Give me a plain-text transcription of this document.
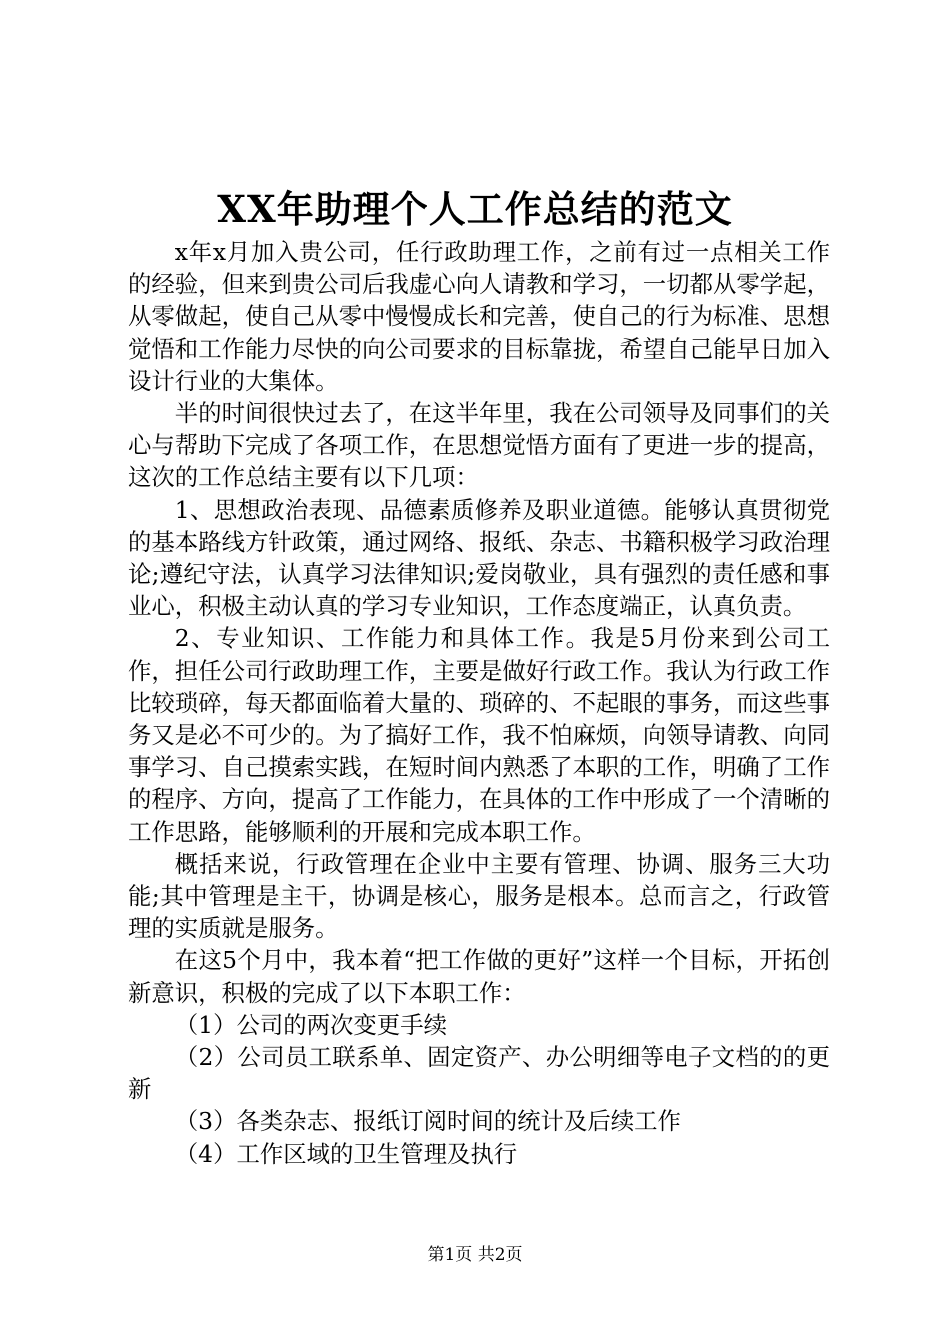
XX年助理个人工作总结的范文

x年x月加入贵公司，任行政助理工作，之前有过一点相关工作的经验，但来到贵公司后我虚心向人请教和学习，一切都从零学起，从零做起，使自己从零中慢慢成长和完善，使自己的行为标准、思想觉悟和工作能力尽快的向公司要求的目标靠拢，希望自己能早日加入设计行业的大集体。

半的时间很快过去了，在这半年里，我在公司领导及同事们的关心与帮助下完成了各项工作，在思想觉悟方面有了更进一步的提高，这次的工作总结主要有以下几项：

1、思想政治表现、品德素质修养及职业道德。能够认真贯彻党的基本路线方针政策，通过网络、报纸、杂志、书籍积极学习政治理论;遵纪守法，认真学习法律知识;爱岗敬业，具有强烈的责任感和事业心，积极主动认真的学习专业知识，工作态度端正，认真负责。

2、专业知识、工作能力和具体工作。我是5月份来到公司工作，担任公司行政助理工作，主要是做好行政工作。我认为行政工作比较琐碎，每天都面临着大量的、琐碎的、不起眼的事务，而这些事务又是必不可少的。为了搞好工作，我不怕麻烦，向领导请教、向同事学习、自己摸索实践，在短时间内熟悉了本职的工作，明确了工作的程序、方向，提高了工作能力，在具体的工作中形成了一个清晰的工作思路，能够顺利的开展和完成本职工作。

概括来说，行政管理在企业中主要有管理、协调、服务三大功能;其中管理是主干，协调是核心，服务是根本。总而言之，行政管理的实质就是服务。

在这5个月中，我本着“把工作做的更好”这样一个目标，开拓创新意识，积极的完成了以下本职工作：

（1）公司的两次变更手续

（2）公司员工联系单、固定资产、办公明细等电子文档的的更新

（3）各类杂志、报纸订阅时间的统计及后续工作

（4）工作区域的卫生管理及执行

第1页 共2页
